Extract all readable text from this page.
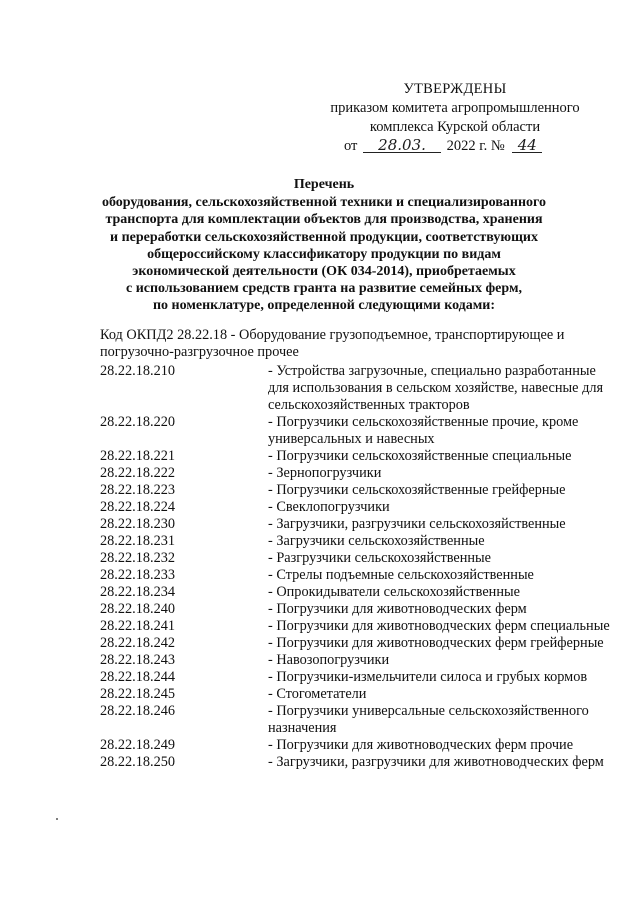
УТВЕРЖДЕНЫ
приказом комитета агропромышленного
комплекса Курской области
от 28.03. 2022 г. № 44
Перечень
оборудования, сельскохозяйственной техники и специализированного
транспорта для комплектации объектов для производства, хранения
и переработки сельскохозяйственной продукции, соответствующих
общероссийскому классификатору продукции по видам
экономической деятельности (ОК 034-2014), приобретаемых
с использованием средств гранта на развитие семейных ферм,
по номенклатуре, определенной следующими кодами:
Код ОКПД2 28.22.18 - Оборудование грузоподъемное, транспортирующее и погрузочно-разгрузочное прочее
28.22.18.210	- Устройства загрузочные, специально разработанные для использования в сельском хозяйстве, навесные для сельскохозяйственных тракторов
28.22.18.220	- Погрузчики сельскохозяйственные прочие, кроме универсальных и навесных
28.22.18.221	- Погрузчики сельскохозяйственные специальные
28.22.18.222	- Зернопогрузчики
28.22.18.223	- Погрузчики сельскохозяйственные грейферные
28.22.18.224	- Свеклопогрузчики
28.22.18.230	- Загрузчики, разгрузчики сельскохозяйственные
28.22.18.231	- Загрузчики сельскохозяйственные
28.22.18.232	- Разгрузчики сельскохозяйственные
28.22.18.233	- Стрелы подъемные сельскохозяйственные
28.22.18.234	- Опрокидыватели сельскохозяйственные
28.22.18.240	- Погрузчики для животноводческих ферм
28.22.18.241	- Погрузчики для животноводческих ферм специальные
28.22.18.242	- Погрузчики для животноводческих ферм грейферные
28.22.18.243	- Навозопогрузчики
28.22.18.244	- Погрузчики-измельчители силоса и грубых кормов
28.22.18.245	- Стогометатели
28.22.18.246	- Погрузчики универсальные сельскохозяйственного назначения
28.22.18.249	- Погрузчики для животноводческих ферм прочие
28.22.18.250	- Загрузчики, разгрузчики для животноводческих ферм
